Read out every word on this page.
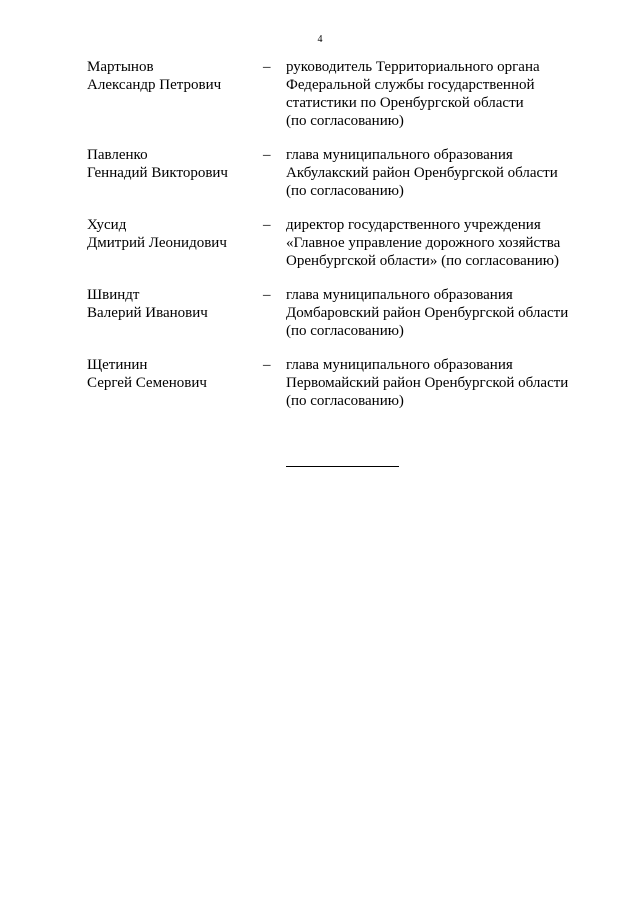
4
Мартынов
Александр Петрович
–	руководитель Территориального органа
Федеральной службы государственной
статистики по Оренбургской области
(по согласованию)
Павленко
Геннадий Викторович
–	глава муниципального образования
Акбулакский район Оренбургской области
(по согласованию)
Хусид
Дмитрий Леонидович
–	директор государственного учреждения
«Главное управление дорожного хозяйства
Оренбургской области» (по согласованию)
Швиндт
Валерий Иванович
–	глава муниципального образования
Домбаровский район Оренбургской области
(по согласованию)
Щетинин
Сергей Семенович
–	глава муниципального образования
Первомайский район Оренбургской области
(по согласованию)
